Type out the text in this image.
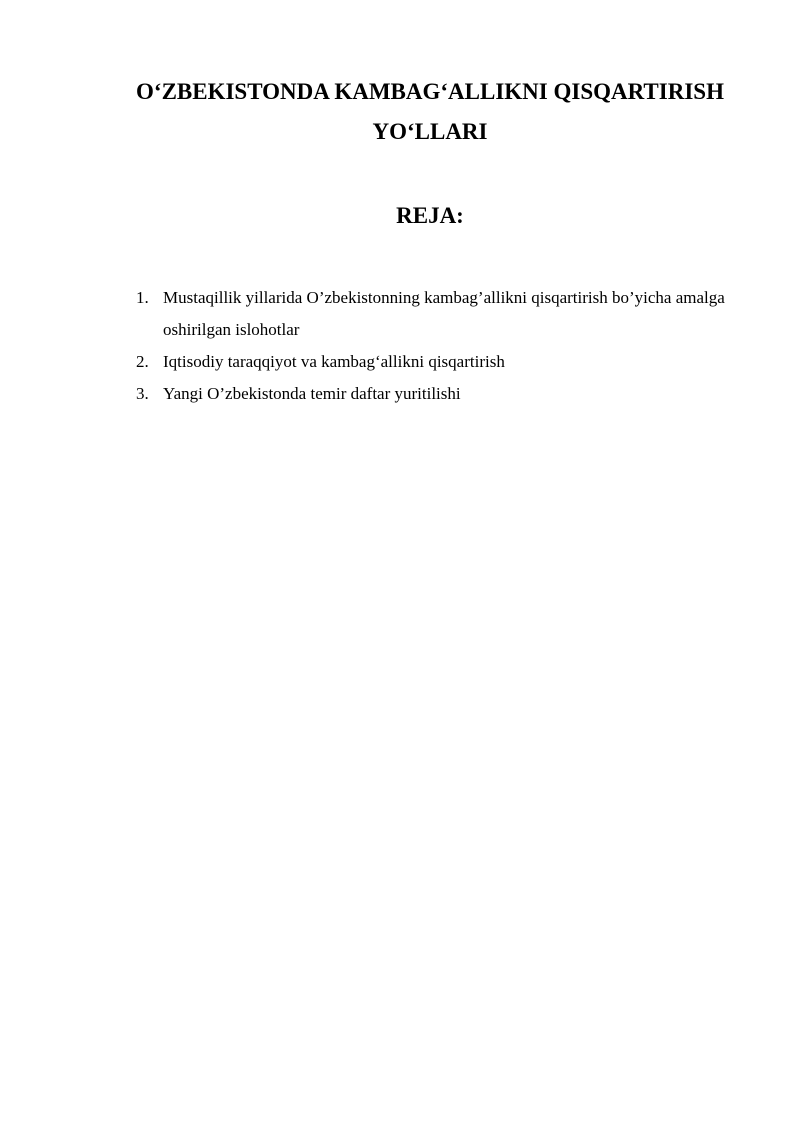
O‘ZBEKISTONDA KAMBAG‘ALLIKNI QISQARTIRISH
YO‘LLARI
REJA:
1. Mustaqillik yillarida O’zbekistonning kambag’allikni qisqartirish bo’yicha amalga oshirilgan islohotlar
2. Iqtisodiy taraqqiyot va kambag‘allikni qisqartirish
3. Yangi O’zbekistonda temir daftar yuritilishi
